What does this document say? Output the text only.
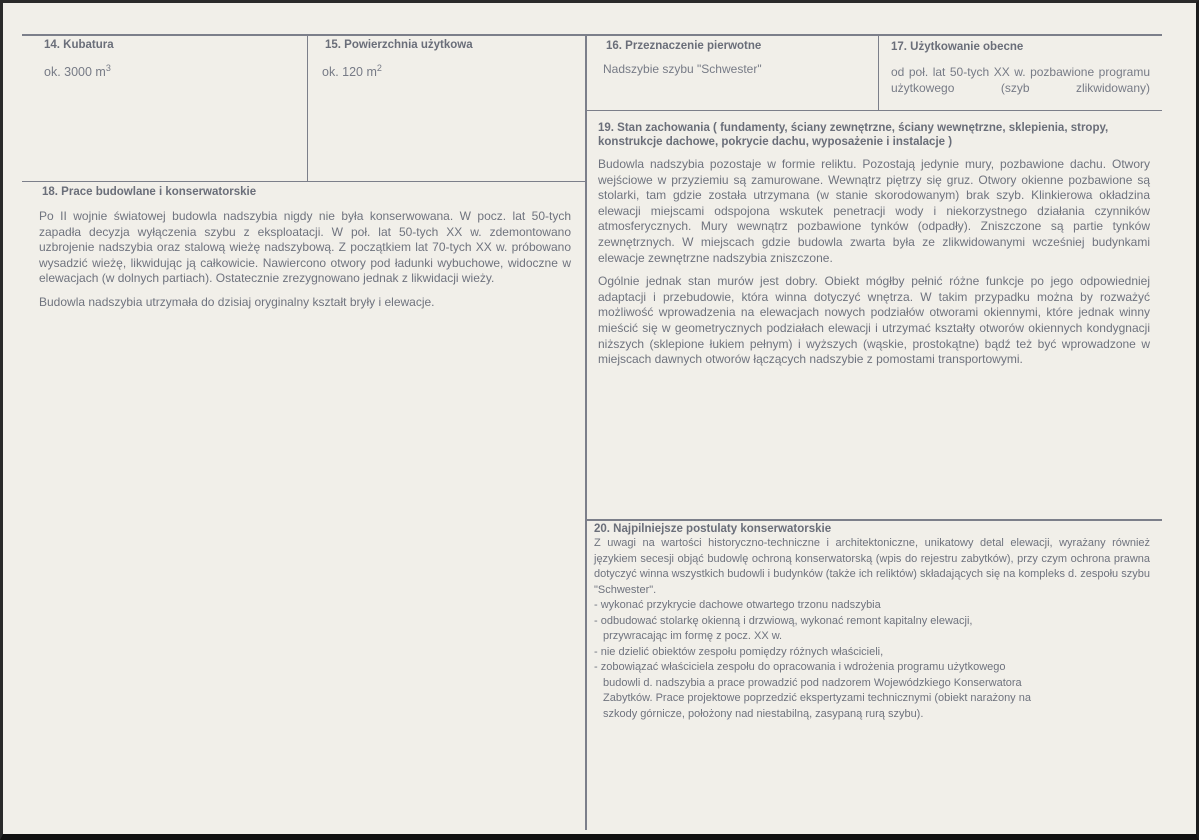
14. Kubatura
ok. 3000 $m^3$
15. Powierzchnia użytkowa
ok. 120 $m^2$
16. Przeznaczenie pierwotne
Nadszybie szybu "Schwester"
17. Użytkowanie obecne
od poł. lat 50-tych XX w. pozbawione programu użytkowego (szyb zlikwidowany)
18. Prace budowlane i konserwatorskie

Po II wojnie światowej budowla nadszybia nigdy nie była konserwowana. W pocz. lat 50-tych zapadła decyzja wyłączenia szybu z eksploatacji. W poł. lat 50-tych XX w. zdemontowano uzbrojenie nadszybia oraz stalową wieżę nadszybową. Z początkiem lat 70-tych XX w. próbowano wysadzić wieżę, likwidując ją całkowicie. Nawiercono otwory pod ładunki wybuchowe, widoczne w elewacjach (w dolnych partiach). Ostatecznie zrezygnowano jednak z likwidacji wieży.

Budowla nadszybia utrzymała do dzisiaj oryginalny kształt bryły i elewacje.

19. Stan zachowania ( fundamenty, ściany zewnętrzne, ściany wewnętrzne, sklepienia, stropy, konstrukcje dachowe, pokrycie dachu, wyposażenie i instalacje )

Budowla nadszybia pozostaje w formie reliktu. Pozostają jedynie mury, pozbawione dachu. Otwory wejściowe w przyziemiu są zamurowane. Wewnątrz piętrzy się gruz. Otwory okienne pozbawione są stolarki, tam gdzie została utrzymana (w stanie skorodowanym) brak szyb. Klinkierowa okładzina elewacji miejscami odspojona wskutek penetracji wody i niekorzystnego działania czynników atmosferycznych. Mury wewnątrz pozbawione tynków (odpadły). Zniszczone są partie tynków zewnętrznych. W miejscach gdzie budowla zwarta była ze zlikwidowanymi wcześniej budynkami elewacje zewnętrzne nadszybia zniszczone.

Ogólnie jednak stan murów jest dobry. Obiekt mógłby pełnić różne funkcje po jego odpowiedniej adaptacji i przebudowie, która winna dotyczyć wnętrza. W takim przypadku można by rozważyć możliwość wprowadzenia na elewacjach nowych podziałów otworami okiennymi, które jednak winny mieścić się w geometrycznych podziałach elewacji i utrzymać kształty otworów okiennych kondygnacji niższych (sklepione łukiem pełnym) i wyższych (wąskie, prostokątne) bądź też być wprowadzone w miejscach dawnych otworów łączących nadszybie z pomostami transportowymi.

20. Najpilniejsze postulaty konserwatorskie
Z uwagi na wartości historyczno-techniczne i architektoniczne, unikatowy detal elewacji, wyrażany również językiem secesji objąć budowlę ochroną konserwatorską (wpis do rejestru zabytków), przy czym ochrona prawna dotyczyć winna wszystkich budowli i budynków (także ich reliktów) składających się na kompleks d. zespołu szybu "Schwester".
- wykonać przykrycie dachowe otwartego trzonu nadszybia
- odbudować stolarkę okienną i drzwiową, wykonać remont kapitalny elewacji,
przywracając im formę z pocz. XX w.
- nie dzielić obiektów zespołu pomiędzy różnych właścicieli,
- zobowiązać właściciela zespołu do opracowania i wdrożenia programu użytkowego
budowli d. nadszybia a prace prowadzić pod nadzorem Wojewódzkiego Konserwatora
Zabytków. Prace projektowe poprzedzić ekspertyzami technicznymi (obiekt narażony na
szkody górnicze, położony nad niestabilną, zasypaną rurą szybu).
